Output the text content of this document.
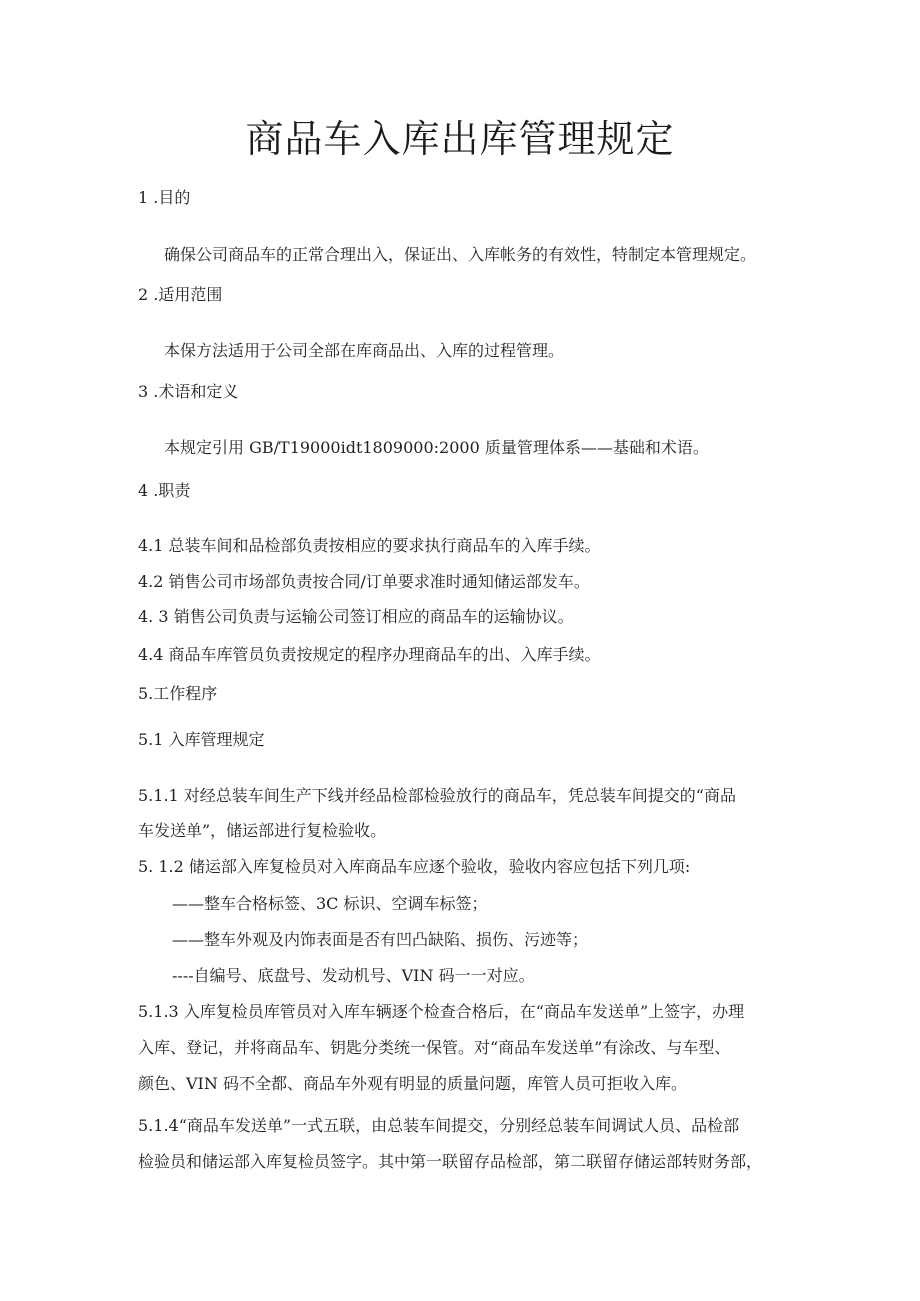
商品车入库出库管理规定
1 .目的
确保公司商品车的正常合理出入，保证出、入库帐务的有效性，特制定本管理规定。
2 .适用范围
本保方法适用于公司全部在库商品出、入库的过程管理。
3 .术语和定义
本规定引用 GB/T19000idt1809000:2000 质量管理体系——基础和术语。
4 .职责
4.1 总装车间和品检部负责按相应的要求执行商品车的入库手续。
4.2 销售公司市场部负责按合同/订单要求准时通知储运部发车。
4. 3 销售公司负责与运输公司签订相应的商品车的运输协议。
4.4 商品车库管员负责按规定的程序办理商品车的出、入库手续。
5.工作程序
5.1 入库管理规定
5.1.1 对经总装车间生产下线并经品检部检验放行的商品车，凭总装车间提交的“商品
车发送单”，储运部进行复检验收。
5. 1.2 储运部入库复检员对入库商品车应逐个验收，验收内容应包括下列几项:
——整车合格标签、3C 标识、空调车标签；
——整车外观及内饰表面是否有凹凸缺陷、损伤、污迹等；
----自编号、底盘号、发动机号、VIN 码一一对应。
5.1.3 入库复检员库管员对入库车辆逐个检查合格后，在“商品车发送单”上签字，办理
入库、登记，并将商品车、钥匙分类统一保管。对“商品车发送单”有涂改、与车型、
颜色、VIN 码不全都、商品车外观有明显的质量问题，库管人员可拒收入库。
5.1.4“商品车发送单”一式五联，由总装车间提交，分别经总装车间调试人员、品检部
检验员和储运部入库复检员签字。其中第一联留存品检部，第二联留存储运部转财务部，
